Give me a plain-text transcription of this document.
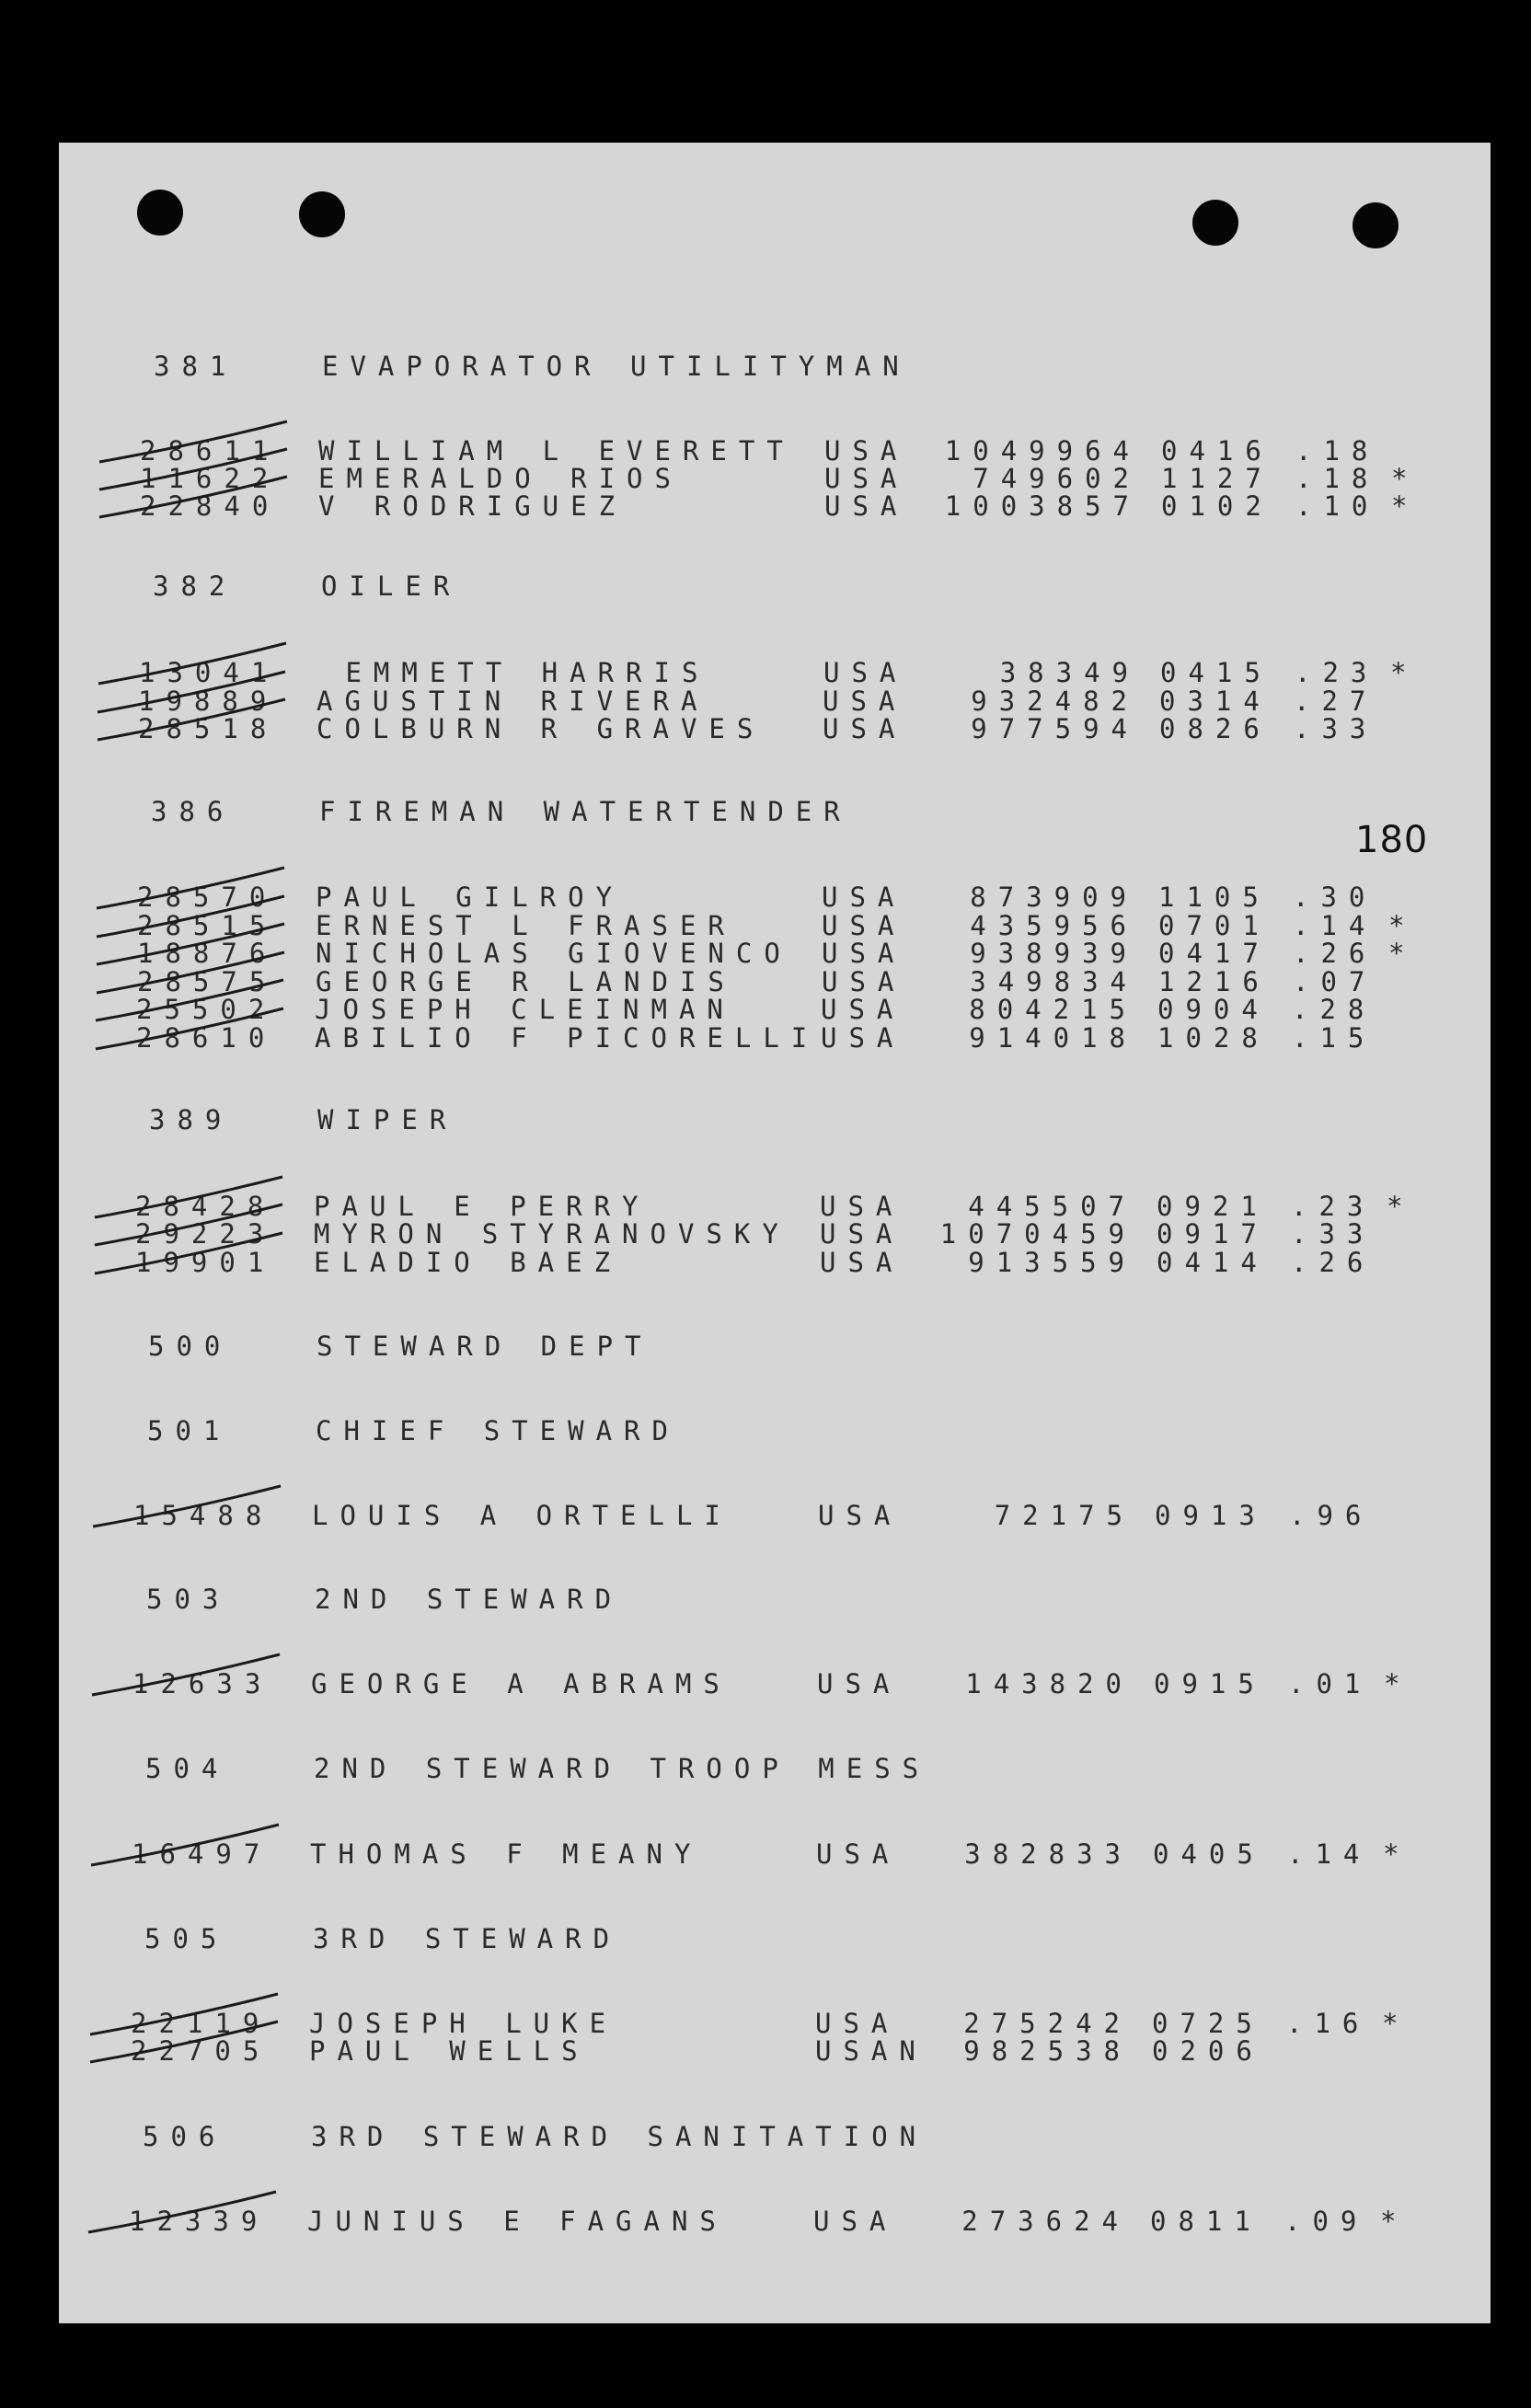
180
381	EVAPORATOR UTILITYMAN
28611 WILLIAM L EVERETT USA 1049964 0416 .18
11622 EMERALDO RIOS	USA 749602 1127 .18 *
22840 V RODRIGUEZ	USA 1003857 0102 .10 *
382	OILER
13041 EMMETT HARRIS	USA	38349 0415 .23 *
19889 AGUSTIN RIVERA	USA 932482 0314 .27
28518 COLBURN R GRAVES USA 977594 0826 .33
386	FIREMAN WATERTENDER
28570 PAUL GILROY	USA 873909 1105 .30
28515 ERNEST L FRASER	USA 435956 0701 .14 *
18876 NICHOLAS GIOVENCO USA 938939 0417 .26 *
28575 GEORGE R LANDIS	USA 349834 1216 .07
25502 JOSEPH CLEINMAN	USA 804215 0904 .28
28610 ABILIO F PICORELLI USA 914018 1028 .15
389	WIPER
28428 PAUL E PERRY	USA 445507 0921 .23 *
29223 MYRON STYRANOVSKY USA 1070459 0917 .33
19901 ELADIO BAEZ	USA 913559 0414 .26
500	STEWARD DEPT
501	CHIEF STEWARD
15488 LOUIS A ORTELLI	USA	72175 0913 .96
503	2ND STEWARD
12633 GEORGE A ABRAMS	USA 143820 0915 .01 *
504	2ND STEWARD TROOP MESS
16497 THOMAS F MEANY	USA 382833 0405 .14 *
505	3RD STEWARD
22119 JOSEPH LUKE	USA 275242 0725 .16 *
22705 PAUL WELLS	USAN 982538 0206
506	3RD STEWARD SANITATION
12339 JUNIUS E FAGANS	USA 273624 0811 .09 *
